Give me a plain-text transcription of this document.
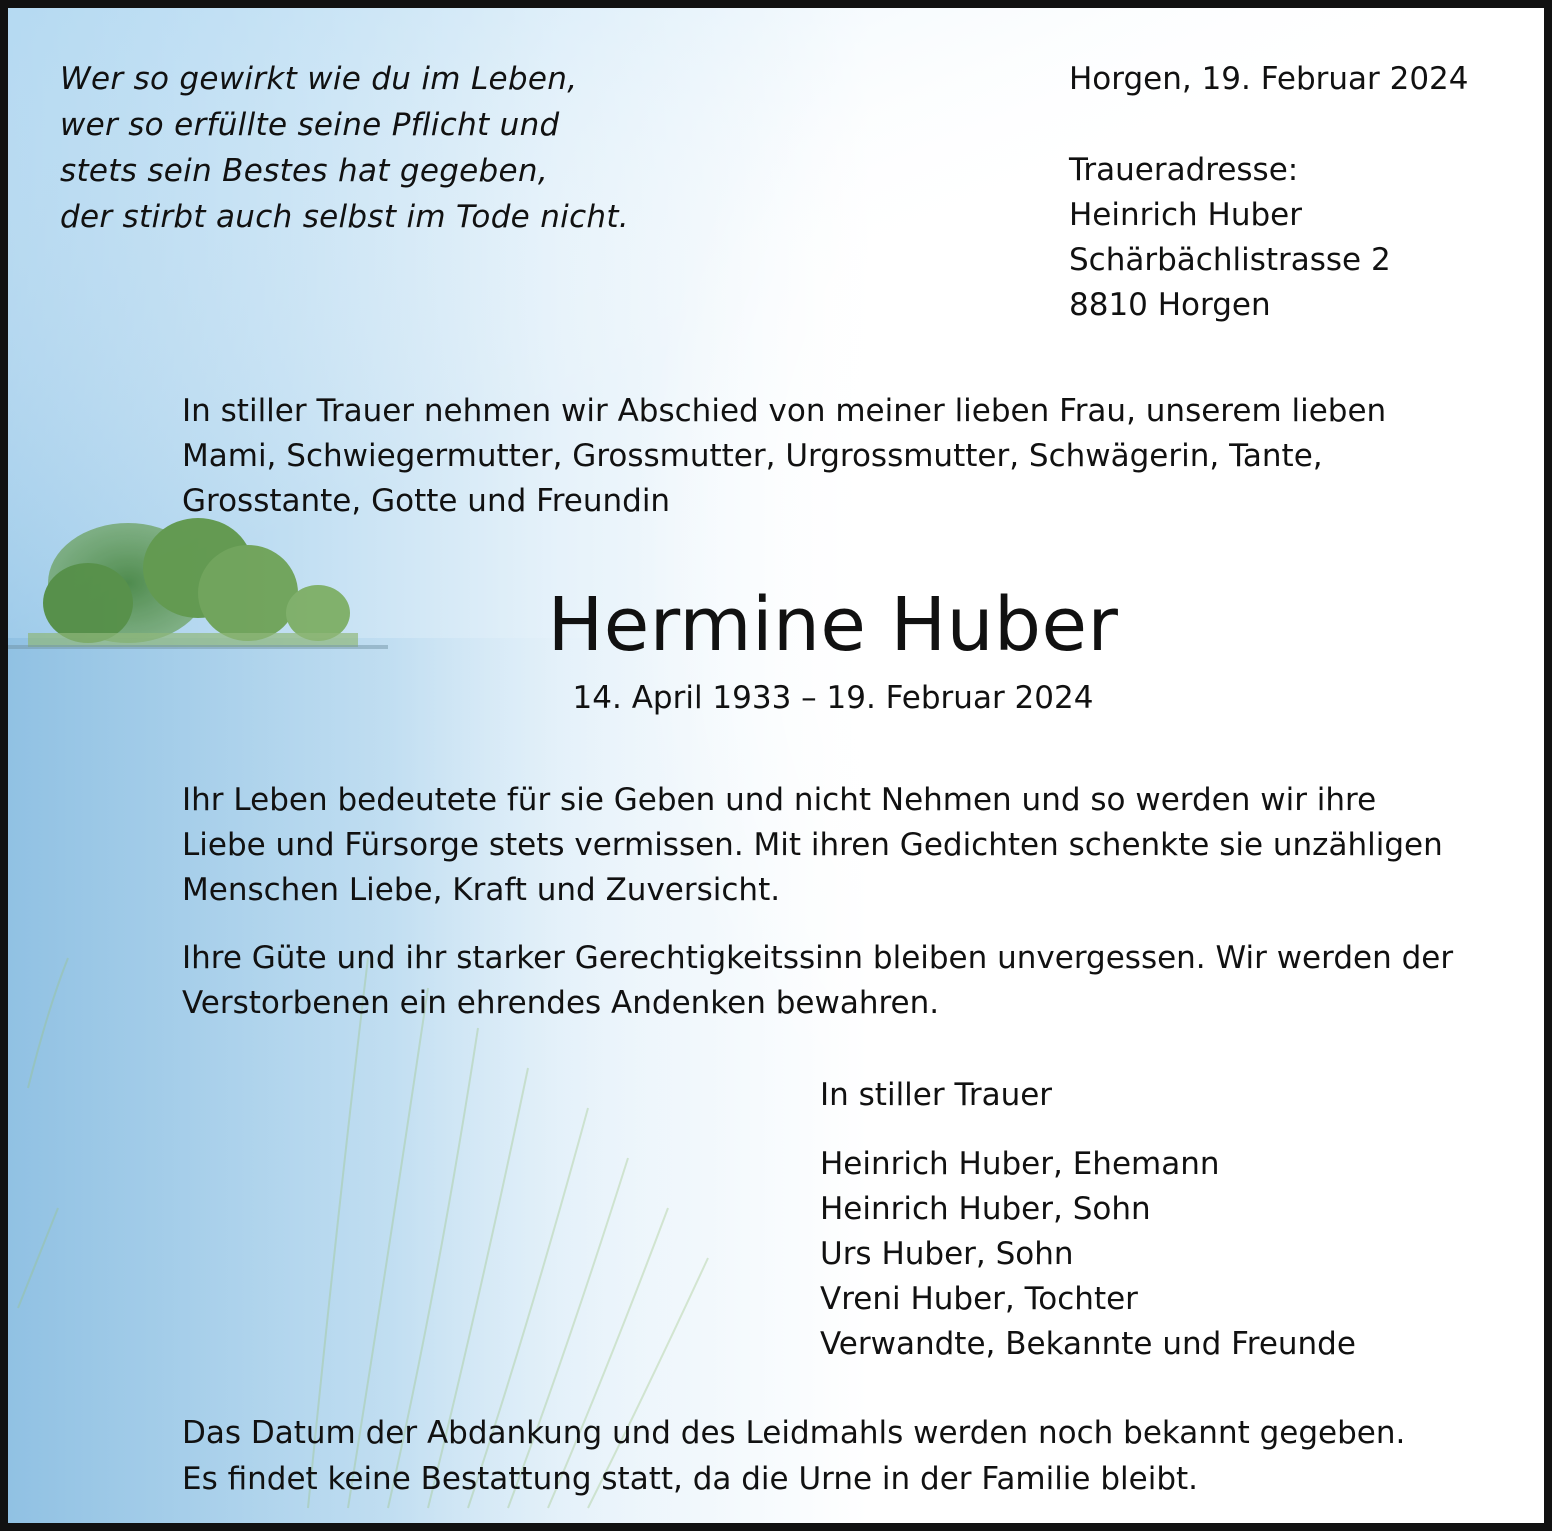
Wer so gewirkt wie du im Leben,
wer so erfüllte seine Pflicht und
stets sein Bestes hat gegeben,
der stirbt auch selbst im Tode nicht.
Horgen, 19. Februar 2024
Traueradresse:
Heinrich Huber
Schärbächlistrasse 2
8810 Horgen
In stiller Trauer nehmen wir Abschied von meiner lieben Frau, unserem lieben
Mami, Schwiegermutter, Grossmutter, Urgrossmutter, Schwägerin, Tante,
Grosstante, Gotte und Freundin
Hermine Huber
14. April 1933 – 19. Februar 2024
Ihr Leben bedeutete für sie Geben und nicht Nehmen und so werden wir ihre
Liebe und Fürsorge stets vermissen. Mit ihren Gedichten schenkte sie unzähligen
Menschen Liebe, Kraft und Zuversicht.
Ihre Güte und ihr starker Gerechtigkeitssinn bleiben unvergessen. Wir werden der
Verstorbenen ein ehrendes Andenken bewahren.
In stiller Trauer
Heinrich Huber, Ehemann
Heinrich Huber, Sohn
Urs Huber, Sohn
Vreni Huber, Tochter
Verwandte, Bekannte und Freunde
Das Datum der Abdankung und des Leidmahls werden noch bekannt gegeben.
Es findet keine Bestattung statt, da die Urne in der Familie bleibt.
